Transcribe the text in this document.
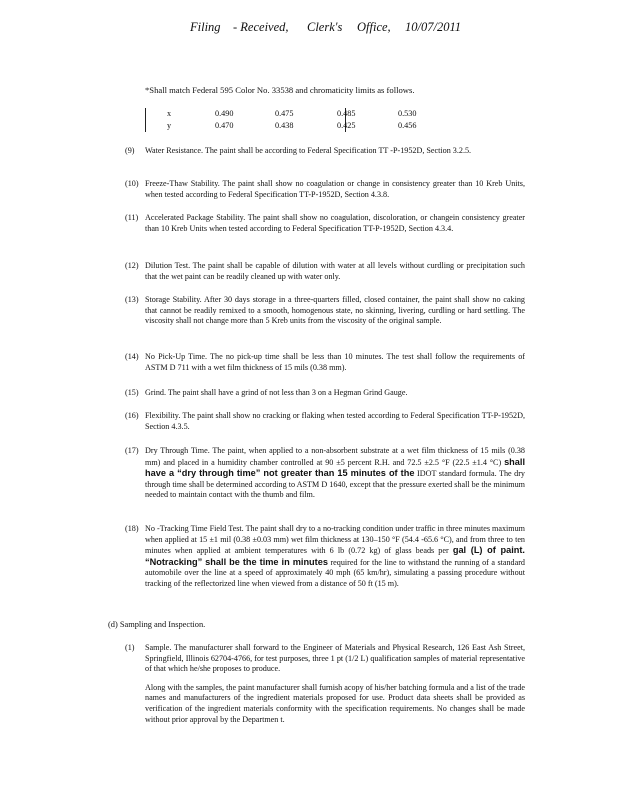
Filing - Received, Clerk's Office, 10/07/2011
*Shall match Federal 595 Color No. 33538 and chromaticity limits as follows.
x	0.490	0.475	0.485	0.530
y	0.470	0.438	0.425	0.456
(9) Water Resistance. The paint shall be according to Federal Specification TT -P-1952D, Section 3.2.5.
(10) Freeze-Thaw Stability. The paint shall show no coagulation or change in consistency greater than 10 Kreb Units, when tested according to Federal Specification TT-P-1952D, Section 4.3.8.
(11) Accelerated Package Stability. The paint shall show no coagulation, discoloration, or changein consistency greater than 10 Kreb Units when tested according to Federal Specification TT-P-1952D, Section 4.3.4.
(12) Dilution Test. The paint shall be capable of dilution with water at all levels without curdling or precipitation such that the wet paint can be readily cleaned up with water only.
(13) Storage Stability. After 30 days storage in a three-quarters filled, closed container, the paint shall show no caking that cannot be readily remixed to a smooth, homogenous state, no skinning, livering, curdling or hard settling. The viscosity shall not change more than 5 Kreb units from the viscosity of the original sample.
(14) No Pick-Up Time. The no pick-up time shall be less than 10 minutes. The test shall follow the requirements of ASTM D 711 with a wet film thickness of 15 mils (0.38 mm).
(15) Grind. The paint shall have a grind of not less than 3 on a Hegman Grind Gauge.
(16) Flexibility. The paint shall show no cracking or flaking when tested according to Federal Specification TT-P-1952D, Section 4.3.5.
(17) Dry Through Time. The paint, when applied to a non-absorbent substrate at a wet film thickness of 15 mils (0.38 mm) and placed in a humidity chamber controlled at 90 ±5 percent R.H. and 72.5 ±2.5 °F (22.5 ±1.4 °C) shall have a “dry through time” not greater than 15 minutes of the IDOT standard formula. The dry through time shall be determined according to ASTM D 1640, except that the pressure exerted shall be the minimum needed to maintain contact with the thumb and film.
(18) No -Tracking Time Field Test. The paint shall dry to a no-tracking condition under traffic in three minutes maximum when applied at 15 ±1 mil (0.38 ±0.03 mm) wet film thickness at 130–150 °F (54.4 -65.6 °C), and from three to ten minutes when applied at ambient temperatures with 6 lb (0.72 kg) of glass beads per gal (L) of paint. “Notracking” shall be the time in minutes required for the line to withstand the running of a standard automobile over the line at a speed of approximately 40 mph (65 km/hr), simulating a passing procedure without tracking of the reflectorized line when viewed from a distance of 50 ft (15 m).
(d) Sampling and Inspection.
(1) Sample. The manufacturer shall forward to the Engineer of Materials and Physical Research, 126 East Ash Street, Springfield, Illinois 62704-4766, for test purposes, three 1 pt (1/2 L) qualification samples of material representative of that which he/she proposes to produce.
Along with the samples, the paint manufacturer shall furnish acopy of his/her batching formula and a list of the trade names and manufacturers of the ingredient materials proposed for use. Product data sheets shall be provided as verification of the ingredient materials conformity with the specification requirements. No changes shall be made without prior approval by the Departmen t.
